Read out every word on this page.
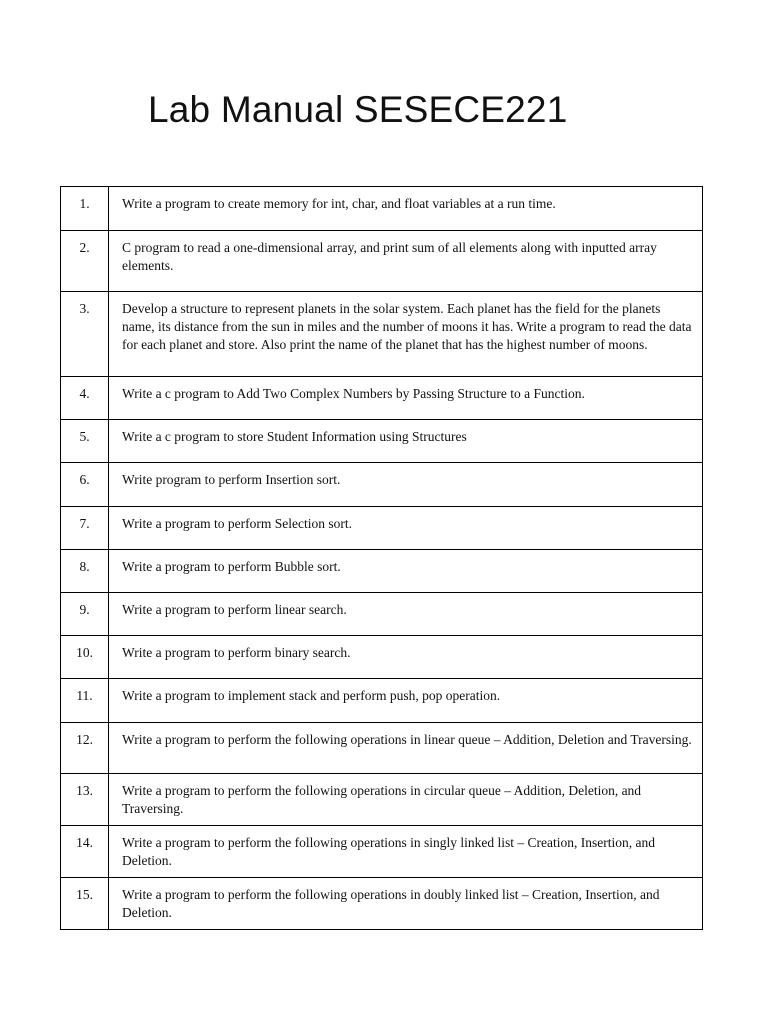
Lab Manual SESECE221
1.	Write a program to create memory for int, char, and float variables at a run time.
2.	C program to read a one-dimensional array, and print sum of all elements along with inputted array elements.
3.	Develop a structure to represent planets in the solar system. Each planet has the field for the planets name, its distance from the sun in miles and the number of moons it has. Write a program to read the data for each planet and store. Also print the name of the planet that has the highest number of moons.
4.	Write a c program to Add Two Complex Numbers by Passing Structure to a Function.
5.	Write a c program to store Student Information using Structures
6.	Write program to perform Insertion sort.
7.	Write a program to perform Selection sort.
8.	Write a program to perform Bubble sort.
9.	Write a program to perform linear search.
10.	Write a program to perform binary search.
11.	Write a program to implement stack and perform push, pop operation.
12.	Write a program to perform the following operations in linear queue – Addition, Deletion and Traversing.
13.	Write a program to perform the following operations in circular queue – Addition, Deletion, and Traversing.
14.	Write a program to perform the following operations in singly linked list – Creation, Insertion, and Deletion.
15.	Write a program to perform the following operations in doubly linked list – Creation, Insertion, and Deletion.
